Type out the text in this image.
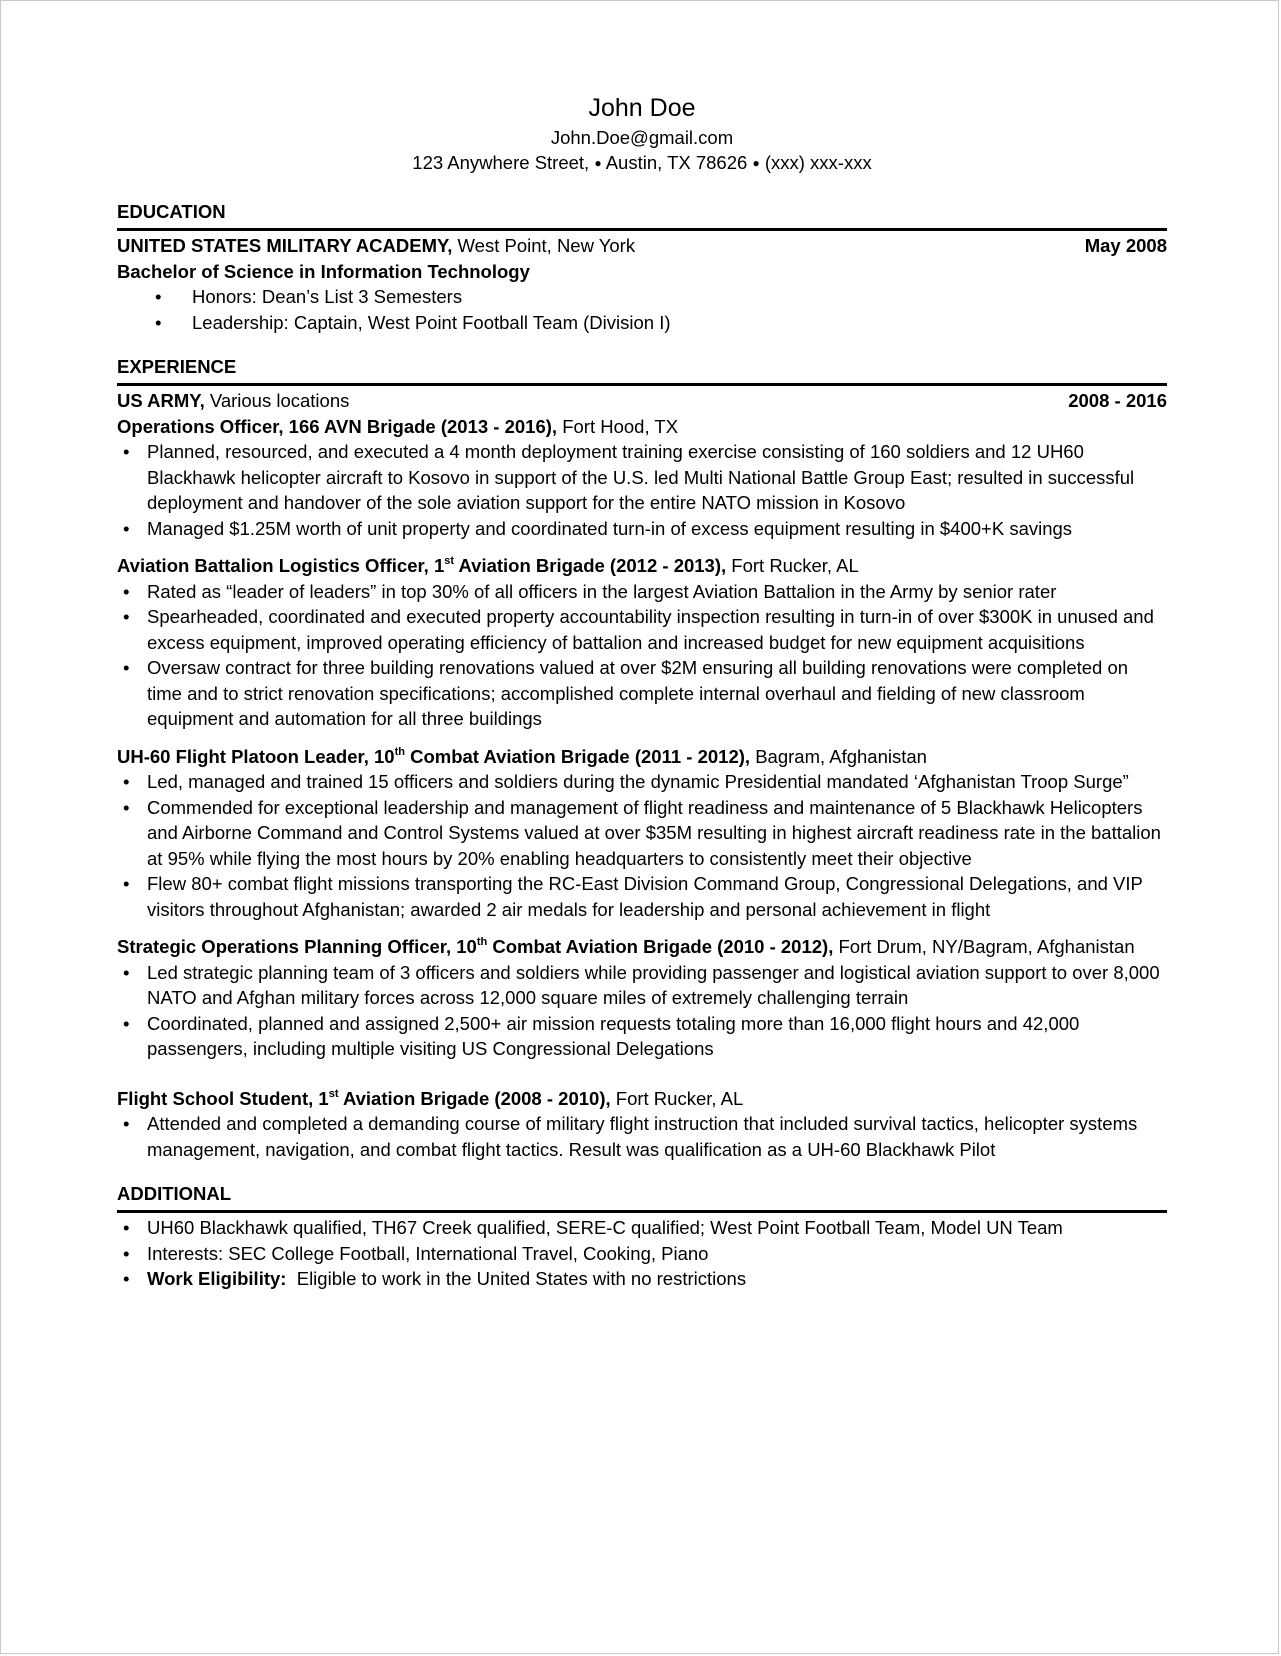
John Doe
John.Doe@gmail.com
123 Anywhere Street, ● Austin, TX 78626 ● (xxx) xxx-xxx
EDUCATION
UNITED STATES MILITARY ACADEMY, West Point, New York	May 2008
Bachelor of Science in Information Technology
• Honors: Dean’s List 3 Semesters
• Leadership: Captain, West Point Football Team (Division I)
EXPERIENCE
US ARMY, Various locations	2008 - 2016
Operations Officer, 166 AVN Brigade (2013 - 2016), Fort Hood, TX
• Planned, resourced, and executed a 4 month deployment training exercise consisting of 160 soldiers and 12 UH60 Blackhawk helicopter aircraft to Kosovo in support of the U.S. led Multi National Battle Group East; resulted in successful deployment and handover of the sole aviation support for the entire NATO mission in Kosovo
• Managed $1.25M worth of unit property and coordinated turn-in of excess equipment resulting in $400+K savings
Aviation Battalion Logistics Officer, 1st Aviation Brigade (2012 - 2013), Fort Rucker, AL
• Rated as “leader of leaders” in top 30% of all officers in the largest Aviation Battalion in the Army by senior rater
• Spearheaded, coordinated and executed property accountability inspection resulting in turn-in of over $300K in unused and excess equipment, improved operating efficiency of battalion and increased budget for new equipment acquisitions
• Oversaw contract for three building renovations valued at over $2M ensuring all building renovations were completed on time and to strict renovation specifications; accomplished complete internal overhaul and fielding of new classroom equipment and automation for all three buildings
UH-60 Flight Platoon Leader, 10th Combat Aviation Brigade (2011 - 2012), Bagram, Afghanistan
• Led, managed and trained 15 officers and soldiers during the dynamic Presidential mandated ‘Afghanistan Troop Surge”
• Commended for exceptional leadership and management of flight readiness and maintenance of 5 Blackhawk Helicopters and Airborne Command and Control Systems valued at over $35M resulting in highest aircraft readiness rate in the battalion at 95% while flying the most hours by 20% enabling headquarters to consistently meet their objective
• Flew 80+ combat flight missions transporting the RC-East Division Command Group, Congressional Delegations, and VIP visitors throughout Afghanistan; awarded 2 air medals for leadership and personal achievement in flight
Strategic Operations Planning Officer, 10th Combat Aviation Brigade (2010 - 2012), Fort Drum, NY/Bagram, Afghanistan
• Led strategic planning team of 3 officers and soldiers while providing passenger and logistical aviation support to over 8,000 NATO and Afghan military forces across 12,000 square miles of extremely challenging terrain
• Coordinated, planned and assigned 2,500+ air mission requests totaling more than 16,000 flight hours and 42,000 passengers, including multiple visiting US Congressional Delegations
Flight School Student, 1st Aviation Brigade (2008 - 2010), Fort Rucker, AL
• Attended and completed a demanding course of military flight instruction that included survival tactics, helicopter systems management, navigation, and combat flight tactics. Result was qualification as a UH-60 Blackhawk Pilot
ADDITIONAL
• UH60 Blackhawk qualified, TH67 Creek qualified, SERE-C qualified; West Point Football Team, Model UN Team
• Interests: SEC College Football, International Travel, Cooking, Piano
• Work Eligibility: Eligible to work in the United States with no restrictions
